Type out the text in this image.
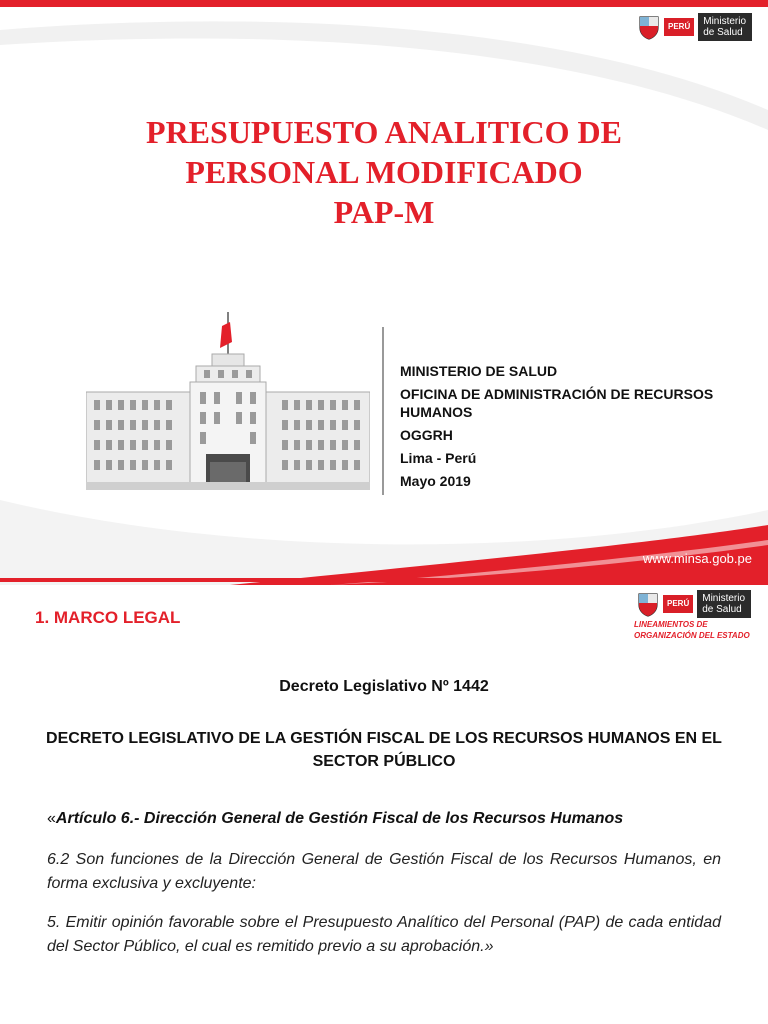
PERÚ	Ministerio
de Salud
PRESUPUESTO ANALITICO DE
PERSONAL MODIFICADO
PAP-M
MINISTERIO DE SALUD
OFICINA DE ADMINISTRACIÓN DE RECURSOS HUMANOS
OGGRH
Lima - Perú
Mayo 2019
www.minsa.gob.pe
PERÚ	Ministerio
de Salud
LINEAMIENTOS DE
ORGANIZACIÓN DEL ESTADO
1. MARCO LEGAL
Decreto Legislativo Nº 1442
DECRETO LEGISLATIVO DE LA GESTIÓN FISCAL DE LOS RECURSOS HUMANOS EN EL SECTOR PÚBLICO
«Artículo 6.- Dirección General de Gestión Fiscal de los Recursos Humanos
6.2 Son funciones de la Dirección General de Gestión Fiscal de los Recursos Humanos, en forma exclusiva y excluyente:
5. Emitir opinión favorable sobre el Presupuesto Analítico del Personal (PAP) de cada entidad del Sector Público, el cual es remitido previo a su aprobación.»
